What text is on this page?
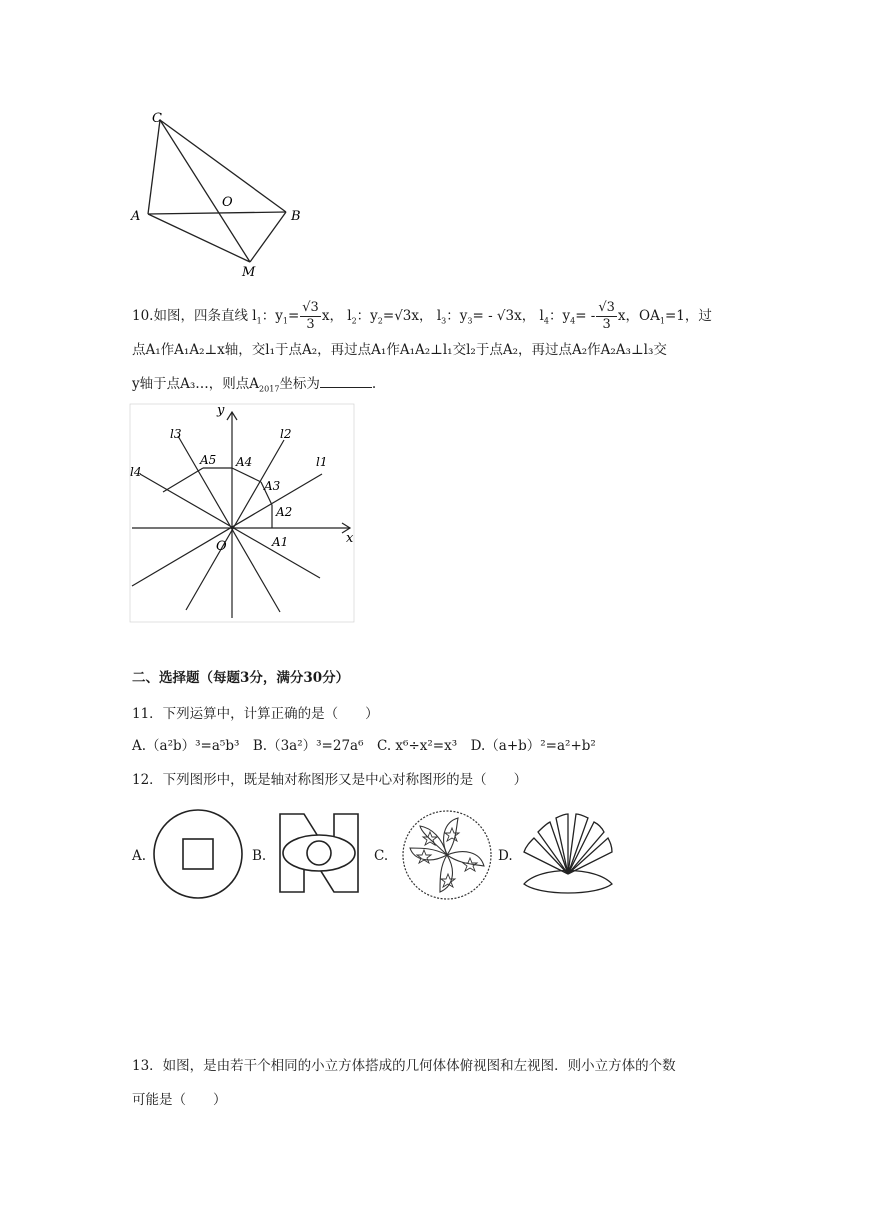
C
A
O
B
M
10.如图，四条直线 $l_1$：$y_1= \frac{√3}{3}$ x， $l_2$：$y_2=√3x$， $l_3$：$y_3= - √3x$， $l_4$：$y_4= - \frac{√3}{3}$ x，$OA_1=1$，过
点A₁作A₁A₂⊥x轴，交l₁于点A₂，再过点A₁作A₁A₂⊥l₁交l₂于点A₂，再过点A₂作A₂A₃⊥l₃交
y轴于点A₃…，则点$A_{2017}$坐标为	.
y
x
O
l1
l2
l3
l4
A1
A2
A3
A4
A5
二、选择题（每题3分，满分30分）
11．下列运算中，计算正确的是（　　）
A.（a²b）³=a⁵b³　B.（3a²）³=27a⁶　C. x⁶÷x²=x³　D.（a+b）²=a²+b²
12．下列图形中，既是轴对称图形又是中心对称图形的是（　　）
A.	B.	C.	D.
13．如图，是由若干个相同的小立方体搭成的几何体体俯视图和左视图．则小立方体的个数
可能是（　　）
